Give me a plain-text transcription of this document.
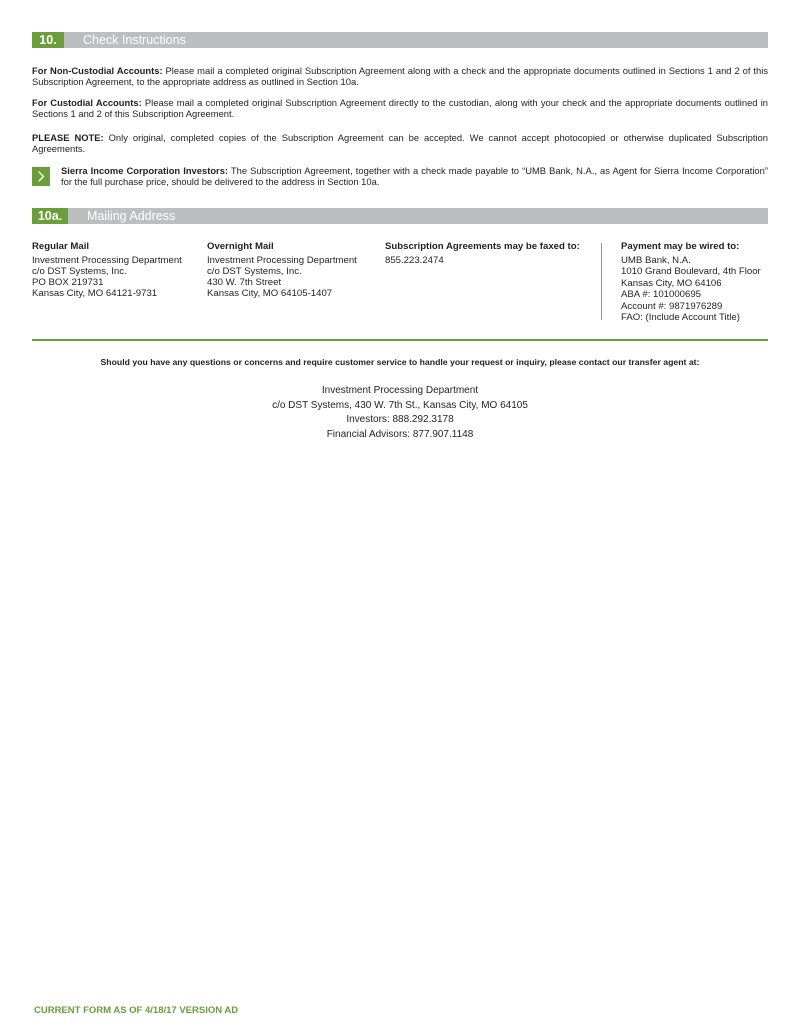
10.	Check Instructions
For Non-Custodial Accounts: Please mail a completed original Subscription Agreement along with a check and the appropriate documents outlined in Sections 1 and 2 of this Subscription Agreement, to the appropriate address as outlined in Section 10a.
For Custodial Accounts: Please mail a completed original Subscription Agreement directly to the custodian, along with your check and the appropriate documents outlined in Sections 1 and 2 of this Subscription Agreement.
PLEASE NOTE: Only original, completed copies of the Subscription Agreement can be accepted. We cannot accept photocopied or otherwise duplicated Subscription Agreements.
Sierra Income Corporation Investors: The Subscription Agreement, together with a check made payable to “UMB Bank, N.A., as Agent for Sierra Income Corporation” for the full purchase price, should be delivered to the address in Section 10a.
10a.	Mailing Address
Regular Mail
Investment Processing Department
c/o DST Systems, Inc.
PO BOX 219731
Kansas City, MO 64121-9731
Overnight Mail
Investment Processing Department
c/o DST Systems, Inc.
430 W. 7th Street
Kansas City, MO 64105-1407
Subscription Agreements may be faxed to:
855.223.2474
Payment may be wired to:
UMB Bank, N.A.
1010 Grand Boulevard, 4th Floor
Kansas City, MO 64106
ABA #: 101000695
Account #: 9871976289
FAO: (Include Account Title)
Should you have any questions or concerns and require customer service to handle your request or inquiry, please contact our transfer agent at:
Investment Processing Department
c/o DST Systems, 430 W. 7th St., Kansas City, MO 64105
Investors: 888.292.3178
Financial Advisors: 877.907.1148
CURRENT FORM AS OF 4/18/17 VERSION AD
